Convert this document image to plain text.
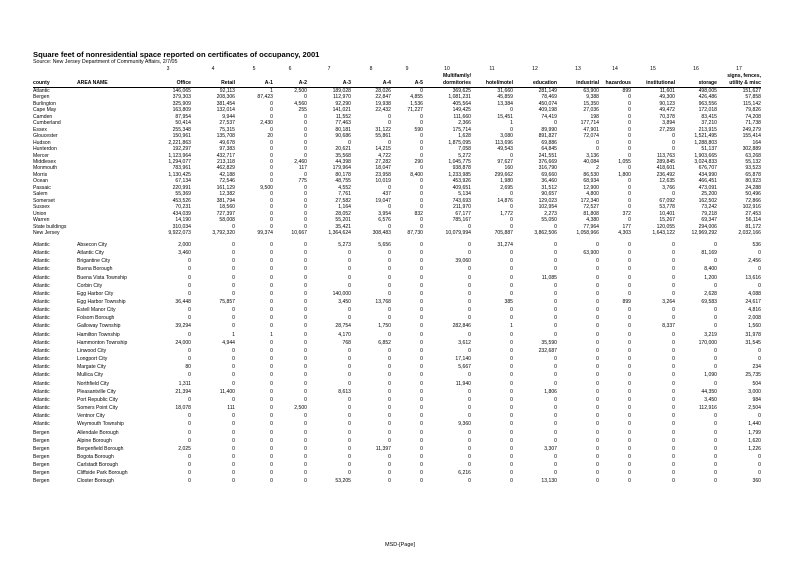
Square feet of nonresidential space reported on certificates of occupancy, 2001
Source: New Jersey Department of Community Affairs, 2/7/05
		3	4	5	6	7	8	9	10	11	12	13	14	15	16	17
									Multifamily/							signs, fences,
county	AREA NAME	Office	Retail	A-1	A-2	A-3	A-4	A-5	dormitories	hotel/motel	education	industrial	hazardous	institutional	storage	utility & misc
Atlantic		146,065	92,113	1	2,500	189,028	28,026	0	369,625	31,660	281,149	63,900	899	11,601	498,005	151,627
Bergen		379,303	208,306	87,423	0	112,970	22,847	4,855	1,081,231	45,859	78,469	9,388	0	49,300	426,486	57,858
Burlington		325,909	381,454	0	4,560	92,290	19,938	1,536	405,564	13,384	450,074	15,350	0	90,123	963,556	115,142
Cape May		163,809	132,014	0	255	141,021	22,432	71,227	149,425	0	409,198	27,036	0	49,472	172,018	79,826
Camden		87,954	9,944	0	0	11,552	0	0	111,660	15,451	74,419	198	0	70,378	83,415	74,208
Cumberland		50,414	27,537	2,430	0	77,463	0	0	2,366	1	0	177,714	0	3,894	37,210	71,738
Essex		255,348	75,315	0	0	80,181	31,122	590	175,714	0	89,990	47,901	0	27,259	213,915	249,279
Gloucester		150,961	135,708	20	0	90,686	55,861	0	1,628	3,080	891,827	72,074	0	0	1,521,495	155,414
Hudson		2,221,863	49,678	0	0	0	0	0	1,875,095	113,696	69,886	0	0	0	1,288,803	164
Hunterdon		192,297	97,383	0	0	20,621	14,215	0	7,058	49,543	64,845	0	0	0	51,137	302,889
Mercer		1,123,964	432,717	0	0	35,568	4,722	0	5,272	0	241,551	3,136	0	113,763	1,903,665	63,268
Middlesex		1,294,077	213,118	0	2,460	44,398	27,282	290	1,045,775	97,627	376,669	40,084	1,055	289,845	3,024,833	55,132
Monmouth		783,961	462,829	0	117	179,964	18,047	0	938,878	160	316,790	2	0	418,601	676,707	93,523
Morris		1,130,425	42,188	0	0	80,178	23,958	8,400	1,233,985	299,662	69,660	86,530	1,800	236,492	434,990	65,878
Ocean		67,134	72,546	0	775	48,755	10,019	0	453,926	1,980	36,460	68,934	0	12,635	466,451	80,923
Passaic		220,991	161,129	9,500	0	4,552	0	0	409,651	2,695	31,512	12,900	0	3,766	473,091	24,288
Salem		55,369	12,382	0	0	7,761	437	0	5,134	0	90,657	4,800	0	0	25,200	50,496
Somerset		453,526	381,794	0	0	27,582	19,047	0	743,693	14,876	129,023	172,340	0	67,092	162,502	72,866
Sussex		70,231	18,560	0	0	1,164	0	0	211,970	0	102,954	72,527	0	53,778	73,242	102,916
Union		434,039	727,397	0	0	28,052	3,954	832	67,177	1,772	2,273	81,808	372	10,401	79,218	27,453
Warren		14,190	58,008	0	0	55,201	6,576	0	785,167	0	55,050	4,380	0	15,267	69,347	56,114
State buildings		310,034	0	0	0	35,421	0	0	0	0	0	77,964	177	120,055	294,006	81,172
New Jersey		9,922,073	3,792,320	99,374	10,667	1,364,624	308,483	87,730	10,079,994	705,887	3,862,506	1,058,966	4,303	1,643,122	12,969,292	2,032,166

Atlantic	Absecon City	2,000	0	0	0	5,273	5,656	0	0	31,274	0	0	0	0	0	536
Atlantic	Atlantic City	3,460	0	0	0	0	0	0	0	0	0	63,900	0	0	81,169	0
Atlantic	Brigantine City	0	0	0	0	0	0	0	39,060	0	0	0	0	0	0	2,456
Atlantic	Buena Borough	0	0	0	0	0	0	0	0	0	0	0	0	0	8,400	0
Atlantic	Buena Vista Township	0	0	0	0	0	0	0	0	0	11,085	0	0	0	1,200	13,616
Atlantic	Corbin City	0	0	0	0	0	0	0	0	0	0	0	0	0	0	0
Atlantic	Egg Harbor City	0	0	0	0	140,000	0	0	0	0	0	0	0	0	2,628	4,088
Atlantic	Egg Harbor Township	36,448	75,857	0	0	3,450	13,768	0	0	385	0	0	899	3,264	69,583	24,617
Atlantic	Estell Manor City	0	0	0	0	0	0	0	0	0	0	0	0	0	0	4,816
Atlantic	Folsom Borough	0	0	0	0	0	0	0	0	0	0	0	0	0	0	2,008
Atlantic	Galloway Township	39,294	0	0	0	28,754	1,750	0	282,846	1	0	0	0	8,337	0	1,560
Atlantic	Hamilton Township	0	1	1	0	4,170	0	0	0	0	0	0	0	0	3,219	31,978
Atlantic	Hammonton Township	24,000	4,944	0	0	768	6,852	0	3,612	0	35,590	0	0	0	170,000	31,545
Atlantic	Linwood City	0	0	0	0	0	0	0	0	0	232,687	0	0	0	0	0
Atlantic	Longport City	0	0	0	0	0	0	0	17,140	0	0	0	0	0	0	0
Atlantic	Margate City	80	0	0	0	0	0	0	5,667	0	0	0	0	0	0	234
Atlantic	Mullica City	0	0	0	0	0	0	0	0	0	0	0	0	0	1,090	25,735
Atlantic	Northfield City	1,311	0	0	0	0	0	0	11,940	0	0	0	0	0	0	504
Atlantic	Pleasantville City	21,394	11,400	0	0	8,613	0	0	0	0	1,806	0	0	0	44,350	3,000
Atlantic	Port Republic City	0	0	0	0	0	0	0	0	0	0	0	0	0	3,450	984
Atlantic	Somers Point City	18,078	111	0	2,500	0	0	0	0	0	0	0	0	0	112,916	2,504
Atlantic	Ventnor City	0	0	0	0	0	0	0	0	0	0	0	0	0	0	0
Atlantic	Weymouth Township	0	0	0	0	0	0	0	9,360	0	0	0	0	0	0	1,440
Bergen	Allendale Borough	0	0	0	0	0	0	0	0	0	0	0	0	0	0	1,799
Bergen	Alpine Borough	0	0	0	0	0	0	0	0	0	0	0	0	0	0	1,620
Bergen	Bergenfield Borough	2,025	0	0	0	0	11,397	0	0	0	3,307	0	0	0	0	1,226
Bergen	Bogota Borough	0	0	0	0	0	0	0	0	0	0	0	0	0	0	0
Bergen	Carlstadt Borough	0	0	0	0	0	0	0	0	0	0	0	0	0	0	0
Bergen	Cliffside Park Borough	0	0	0	0	0	0	0	6,216	0	0	0	0	0	0	0
Bergen	Closter Borough	0	0	0	0	53,205	0	0	0	0	13,130	0	0	0	0	360
MSD-[Page]
